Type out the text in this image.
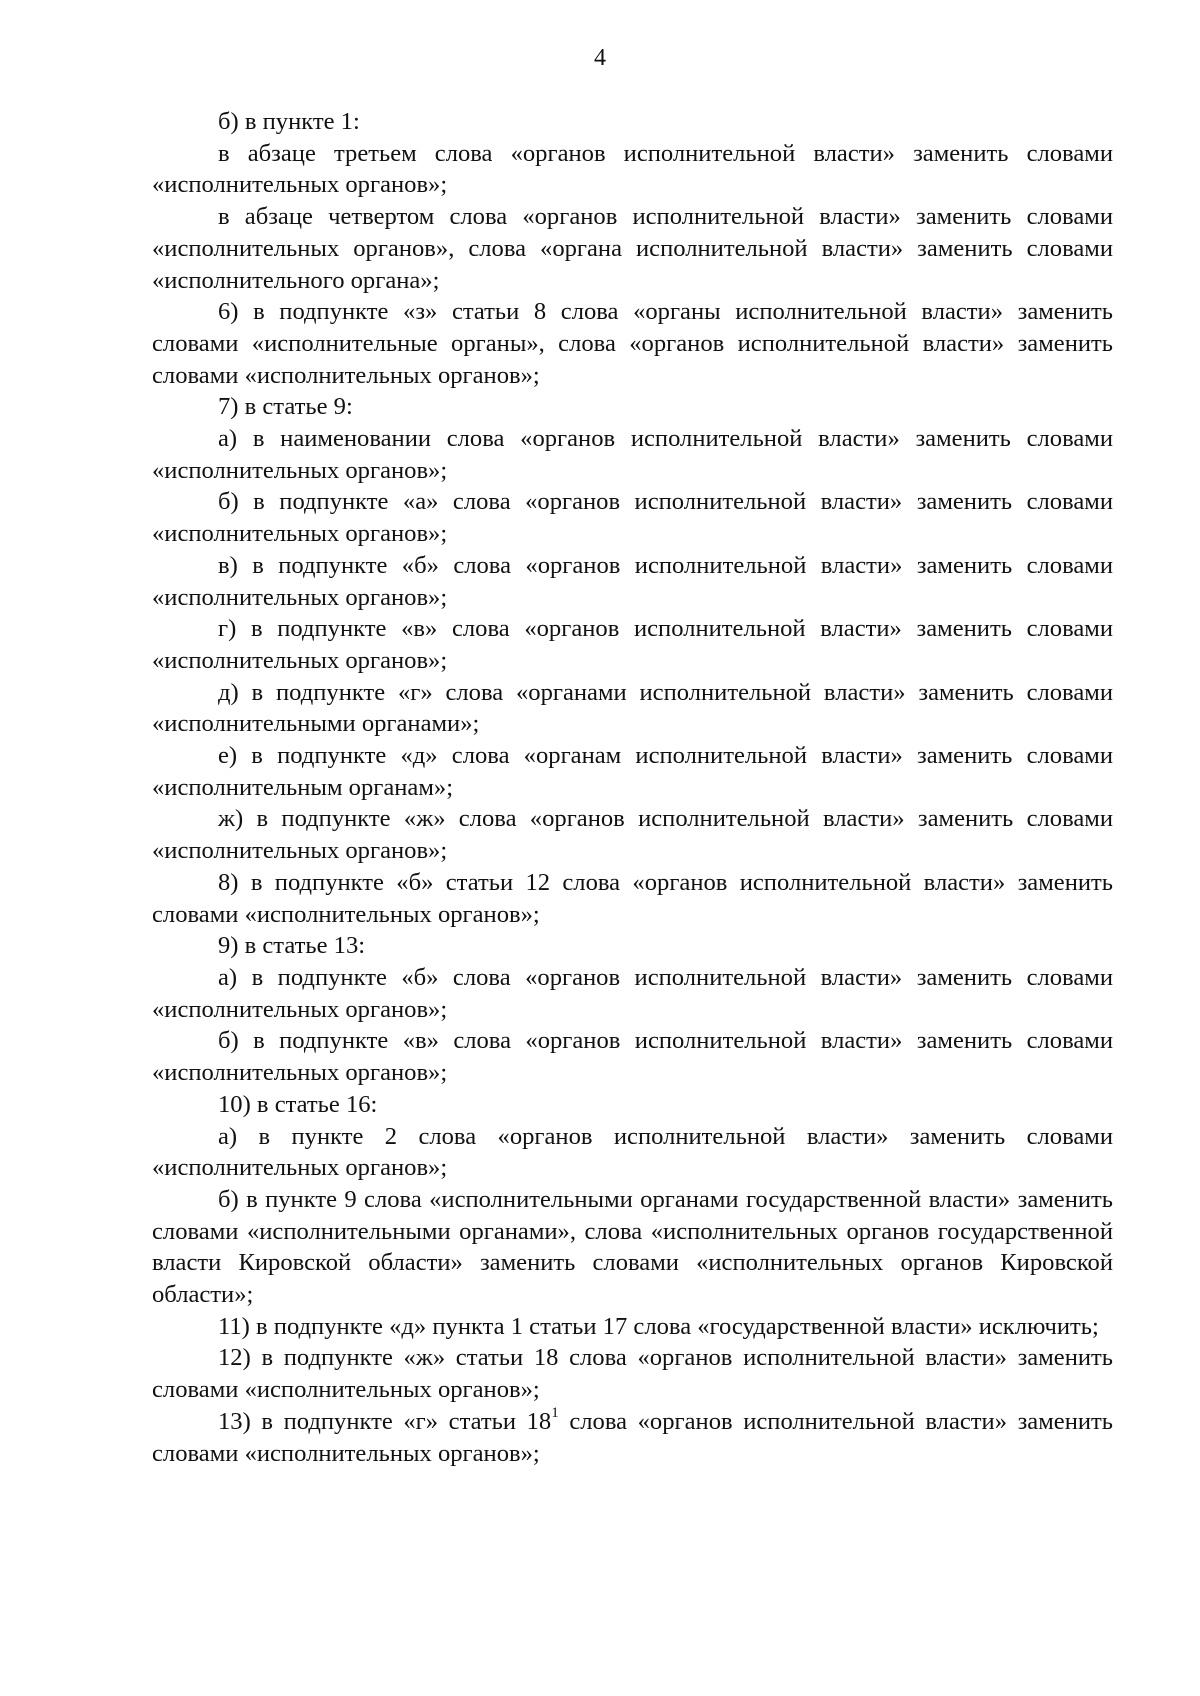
4

б) в пункте 1:

в абзаце третьем слова «органов исполнительной власти» заменить словами «исполнительных органов»;

в абзаце четвертом слова «органов исполнительной власти» заменить словами «исполнительных органов», слова «органа исполнительной власти» заменить словами «исполнительного органа»;

6) в подпункте «з» статьи 8 слова «органы исполнительной власти» заменить словами «исполнительные органы», слова «органов исполнительной власти» заменить словами «исполнительных органов»;

7) в статье 9:

а) в наименовании слова «органов исполнительной власти» заменить словами «исполнительных органов»;

б) в подпункте «а» слова «органов исполнительной власти» заменить словами «исполнительных органов»;

в) в подпункте «б» слова «органов исполнительной власти» заменить словами «исполнительных органов»;

г) в подпункте «в» слова «органов исполнительной власти» заменить словами «исполнительных органов»;

д) в подпункте «г» слова «органами исполнительной власти» заменить словами «исполнительными органами»;

е) в подпункте «д» слова «органам исполнительной власти» заменить словами «исполнительным органам»;

ж) в подпункте «ж» слова «органов исполнительной власти» заменить словами «исполнительных органов»;

8) в подпункте «б» статьи 12 слова «органов исполнительной власти» заменить словами «исполнительных органов»;

9) в статье 13:

а) в подпункте «б» слова «органов исполнительной власти» заменить словами «исполнительных органов»;

б) в подпункте «в» слова «органов исполнительной власти» заменить словами «исполнительных органов»;

10) в статье 16:

а) в пункте 2 слова «органов исполнительной власти» заменить словами «исполнительных органов»;

б) в пункте 9 слова «исполнительными органами государственной власти» заменить словами «исполнительными органами», слова «исполнительных органов государственной власти Кировской области» заменить словами «исполнительных органов Кировской области»;

11) в подпункте «д» пункта 1 статьи 17 слова «государственной власти» исключить;

12) в подпункте «ж» статьи 18 слова «органов исполнительной власти» заменить словами «исполнительных органов»;

13) в подпункте «г» статьи $18^1$ слова «органов исполнительной власти» заменить словами «исполнительных органов»;
